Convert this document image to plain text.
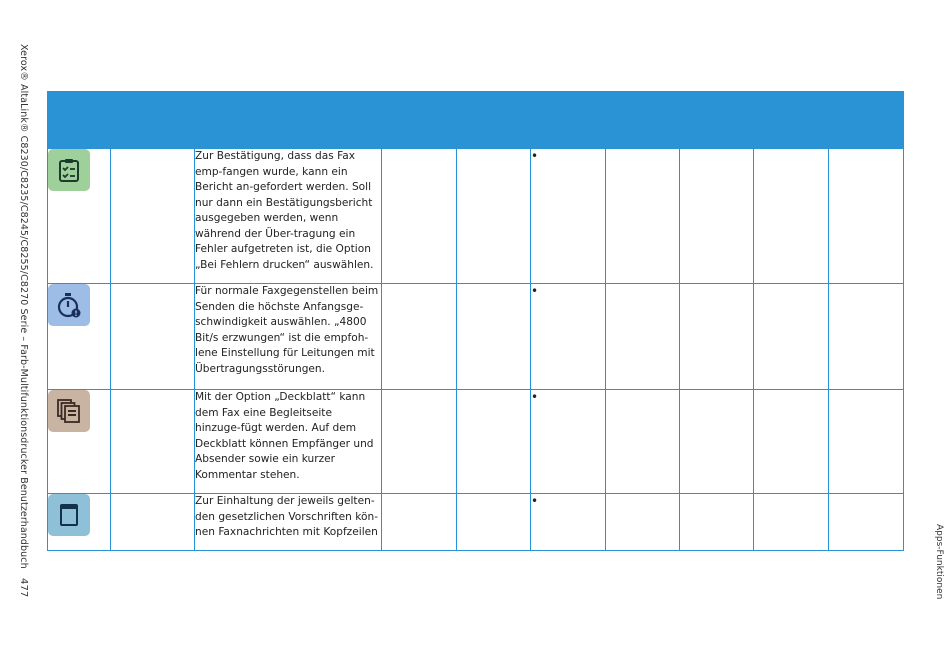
Xerox® AltaLink® C8230/C8235/C8245/C8255/C8270 Serie – Farb-Multifunktionsdrucker Benutzerhandbuch
477	Apps-Funktionen

		Zur Bestätigung, dass das Fax emp-fangen wurde, kann ein Bericht an-gefordert werden. Soll nur dann ein Bestätigungsbericht ausgegeben werden, wenn während der Über-tragung ein Fehler aufgetreten ist, die Option „Bei Fehlern drucken“ auswählen.			•				

		Für normale Faxgegenstellen beim Senden die höchste Anfangsge-schwindigkeit auswählen. „4800 Bit/s erzwungen“ ist die empfoh-lene Einstellung für Leitungen mit Übertragungsstörungen.			•				

		Mit der Option „Deckblatt“ kann dem Fax eine Begleitseite hinzuge-fügt werden. Auf dem Deckblatt können Empfänger und Absender sowie ein kurzer Kommentar stehen.			•				

		Zur Einhaltung der jeweils gelten-den gesetzlichen Vorschriften kön-nen Faxnachrichten mit Kopfzeilen			•				
